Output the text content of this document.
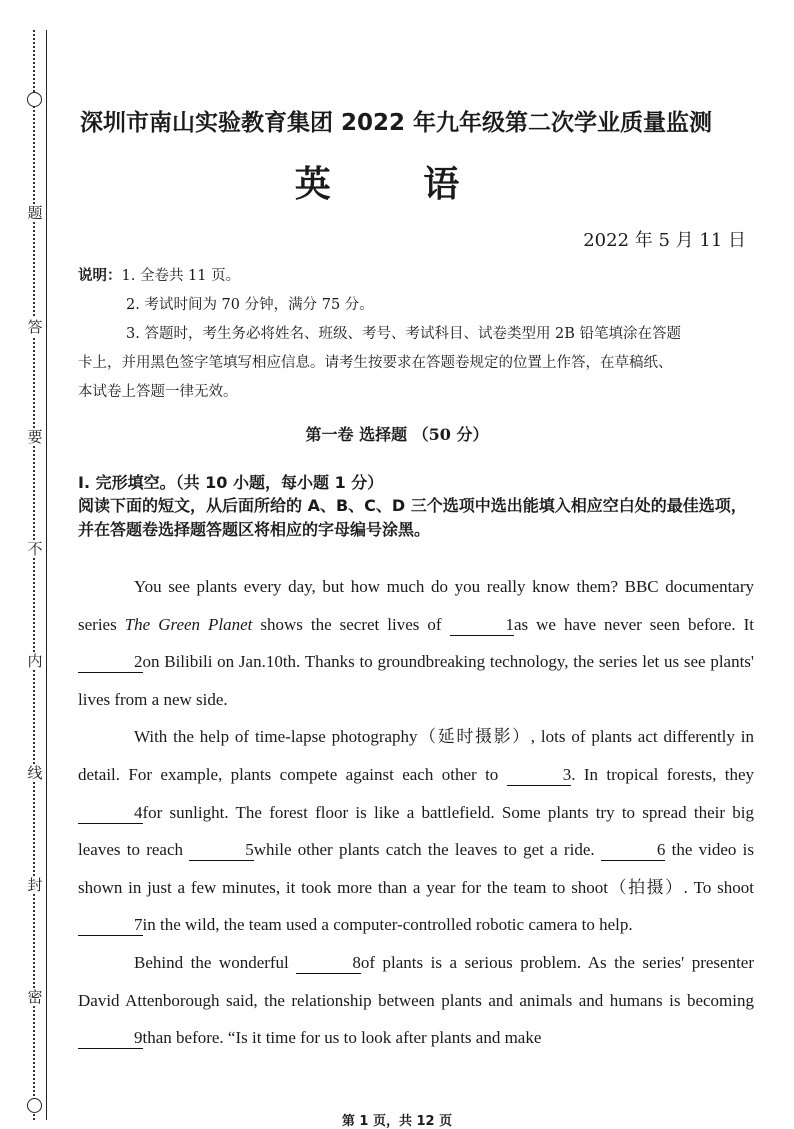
题
答
要
不
内
线
封
密
深圳市南山实验教育集团 2022 年九年级第二次学业质量监测
英 语
2022 年 5 月 11 日
说明：1. 全卷共 11 页。
2. 考试时间为 70 分钟，满分 75 分。
3. 答题时，考生务必将姓名、班级、考号、考试科目、试卷类型用 2B 铅笔填涂在答题
卡上，并用黑色签字笔填写相应信息。请考生按要求在答题卷规定的位置上作答，在草稿纸、
本试卷上答题一律无效。
第一卷 选择题 （50 分）
I. 完形填空。（共 10 小题，每小题 1 分）
阅读下面的短文，从后面所给的 A、B、C、D 三个选项中选出能填入相应空白处的最佳选项，并在答题卷选择题答题区将相应的字母编号涂黑。

You see plants every day, but how much do you really know them? BBC documentary series The Green Planet shows the secret lives of	1as we have never seen before. It2on Bilibili on Jan.10th. Thanks to groundbreaking technology, the series let us see plants' lives from a new side.

With the help of time-lapse photography（延时摄影）, lots of plants act differently in detail. For example, plants compete against each other to	3. In tropical forests, they 4for sunlight. The forest floor is like a battlefield. Some plants try to spread their big leaves to reach	5while other plants catch the leaves to get a ride.	6 the video is shown in just a few minutes, it took more than a year for the team to shoot（拍摄）. To shoot 7in the wild, the team used a computer-controlled robotic camera to help.

Behind the wonderful	8of plants is a serious problem. As the series' presenter David Attenborough said, the relationship between plants and animals and humans is becoming 9than before. “Is it time for us to look after plants and make

第 1 页，共 12 页
